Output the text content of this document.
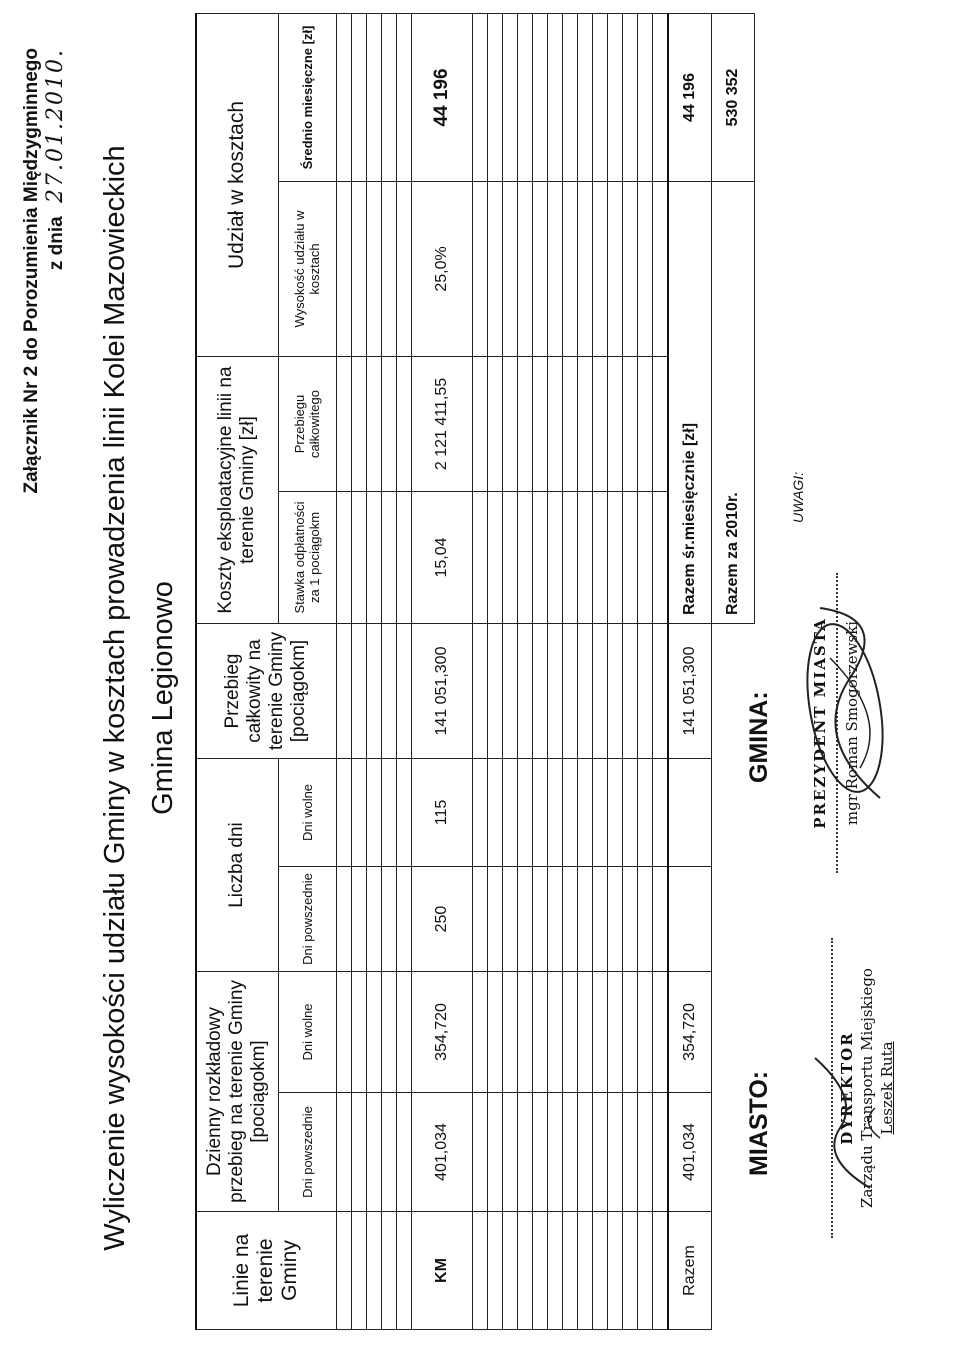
Załącznik Nr 2 do Porozumienia Międzygminnego z dnia 27.01.2010.
Wyliczenie wysokości udziału Gminy w kosztach prowadzenia linii Kolei Mazowieckich Gmina Legionowo
Linie na terenie Gminy	Dzienny rozkładowy przebieg na terenie Gminy [pociągokm]		Liczba dni		Przebieg całkowity na terenie Gminy [pociągokm]	Koszty eksploatacyjne linii na terenie Gminy [zł]		Udział w kosztach	
	Dni powszednie	Dni wolne	Dni powszednie	Dni wolne		Stawka odpłatności za 1 pociągokm	Przebiegu całkowitego	Wysokość udziału w kosztach	Średnio miesięczne [zł]

KM	401,034	354,720	250	115	141 051,300	15,04	2 121 411,55	25,0%	44 196

Razem	401,034	354,720			141 051,300	Razem śr.miesięcznie [zł]			44 196
						Razem za 2010r.			530 352
MIASTO:
GMINA:
UWAGI:
DYREKTOR Zarządu Transportu Miejskiego Leszek Ruta
PREZYDENT MIASTA mgr Roman Smogorzewski
